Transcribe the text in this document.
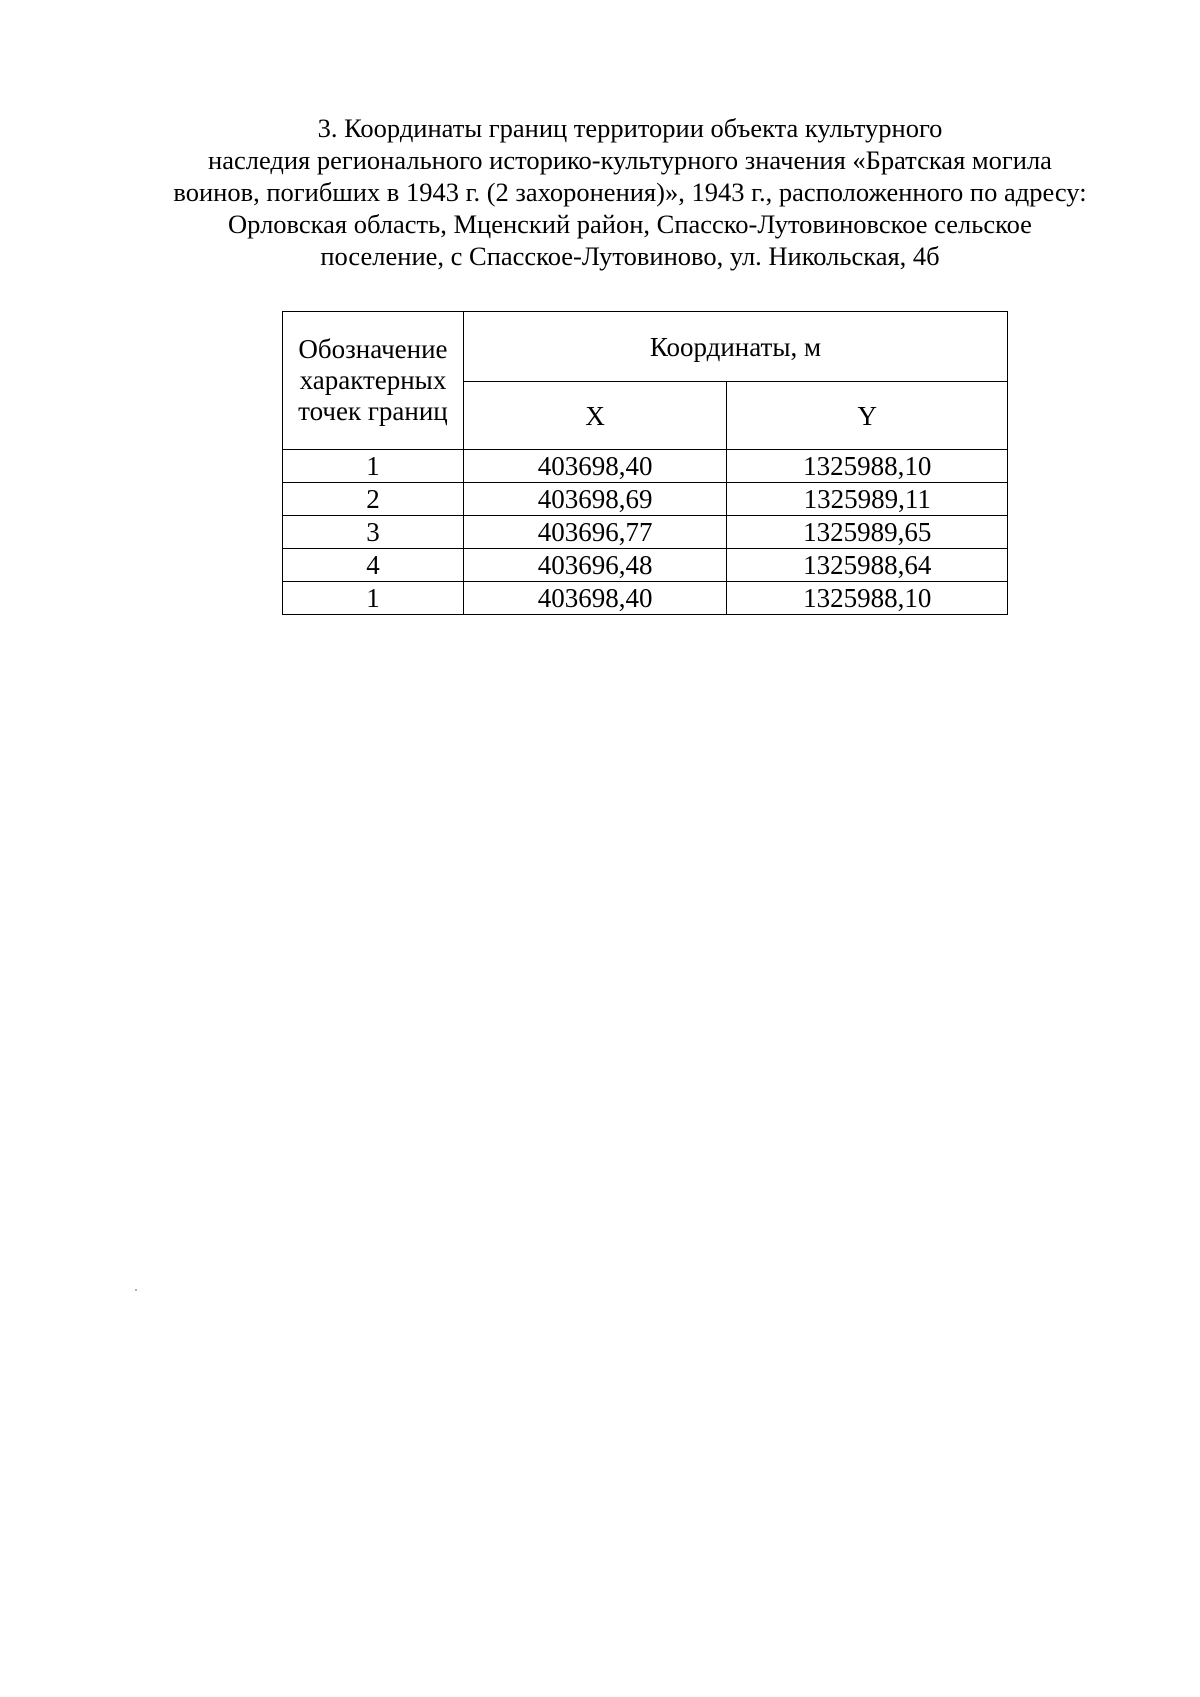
3. Координаты границ территории объекта культурного
наследия регионального историко-культурного значения «Братская могила
воинов, погибших в 1943 г. (2 захоронения)», 1943 г., расположенного по адресу:
Орловская область, Мценский район, Спасско-Лутовиновское сельское
поселение, с Спасское-Лутовиново, ул. Никольская, 4б
Обозначение характерных точек границ	Координаты, м	
	X	Y
1	403698,40	1325988,10
2	403698,69	1325989,11
3	403696,77	1325989,65
4	403696,48	1325988,64
1	403698,40	1325988,10
